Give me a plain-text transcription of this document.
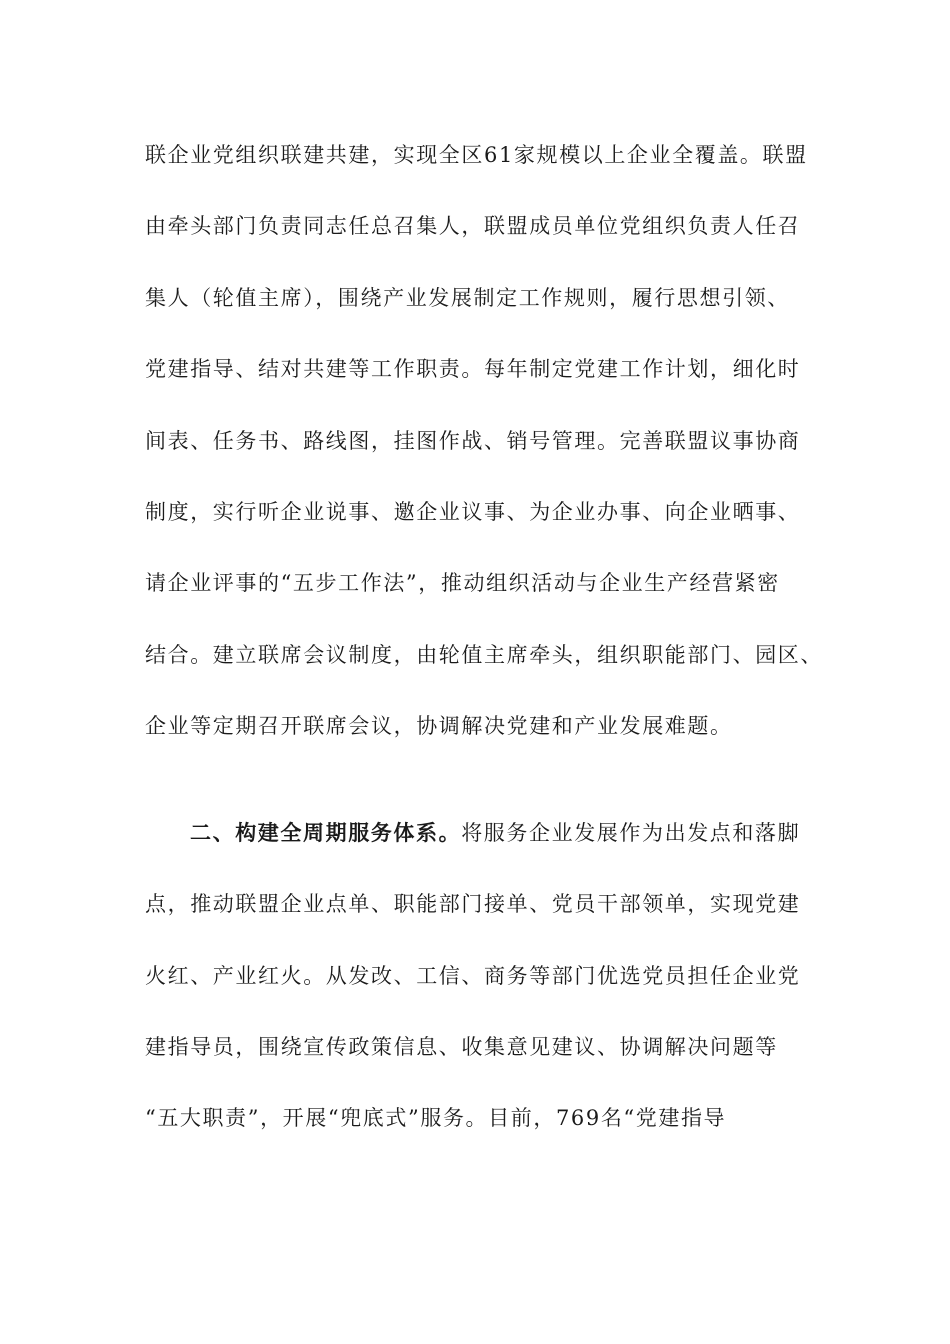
联企业党组织联建共建，实现全区61家规模以上企业全覆盖。联盟
由牵头部门负责同志任总召集人，联盟成员单位党组织负责人任召
集人（轮值主席），围绕产业发展制定工作规则，履行思想引领、
党建指导、结对共建等工作职责。每年制定党建工作计划，细化时
间表、任务书、路线图，挂图作战、销号管理。完善联盟议事协商
制度，实行听企业说事、邀企业议事、为企业办事、向企业晒事、
请企业评事的“五步工作法”，推动组织活动与企业生产经营紧密
结合。建立联席会议制度，由轮值主席牵头，组织职能部门、园区、
企业等定期召开联席会议，协调解决党建和产业发展难题。
二、构建全周期服务体系。将服务企业发展作为出发点和落脚
点，推动联盟企业点单、职能部门接单、党员干部领单，实现党建
火红、产业红火。从发改、工信、商务等部门优选党员担任企业党
建指导员，围绕宣传政策信息、收集意见建议、协调解决问题等
“五大职责”，开展“兜底式”服务。目前，769名“党建指导
